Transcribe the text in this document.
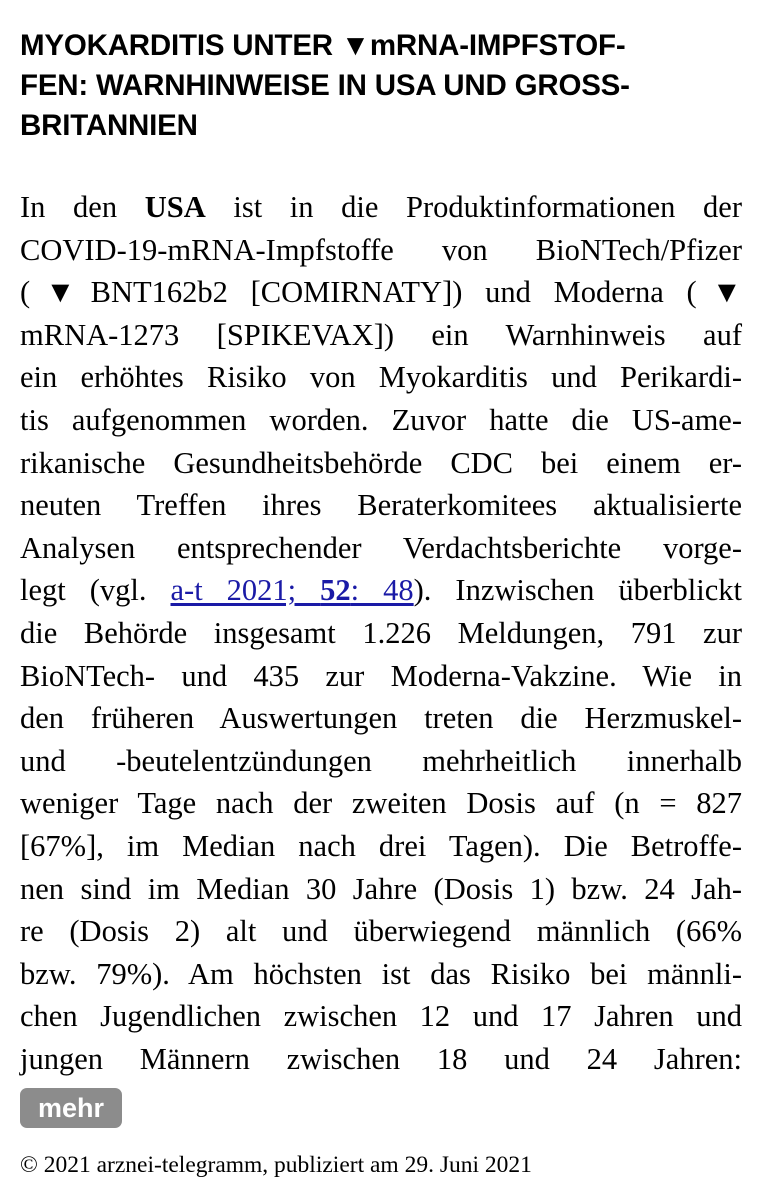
MYOKARDITIS UNTER ▼mRNA-IMPFSTOF-
FEN: WARNHINWEISE IN USA UND GROSS-
BRITANNIEN
In den USA ist in die Produktinformationen der
COVID-19-mRNA-Impfstoffe von BioNTech/Pfizer
(▼BNT162b2 [COMIRNATY]) und Moderna (▼
mRNA-1273 [SPIKEVAX]) ein Warnhinweis auf
ein erhöhtes Risiko von Myokarditis und Perikardi-
tis aufgenommen worden. Zuvor hatte die US-ame-
rikanische Gesundheitsbehörde CDC bei einem er-
neuten Treffen ihres Beraterkomitees aktualisierte
Analysen entsprechender Verdachtsberichte vorge-
legt (vgl. a-t 2021; 52: 48). Inzwischen überblickt
die Behörde insgesamt 1.226 Meldungen, 791 zur
BioNTech- und 435 zur Moderna-Vakzine. Wie in
den früheren Auswertungen treten die Herzmuskel-
und -beutelentzündungen mehrheitlich innerhalb
weniger Tage nach der zweiten Dosis auf (n = 827
[67%], im Median nach drei Tagen). Die Betroffe-
nen sind im Median 30 Jahre (Dosis 1) bzw. 24 Jah-
re (Dosis 2) alt und überwiegend männlich (66%
bzw. 79%). Am höchsten ist das Risiko bei männli-
chen Jugendlichen zwischen 12 und 17 Jahren und
jungen Männern zwischen 18 und 24 Jahren:
mehr
© 2021 arznei-telegramm, publiziert am 29. Juni 2021
